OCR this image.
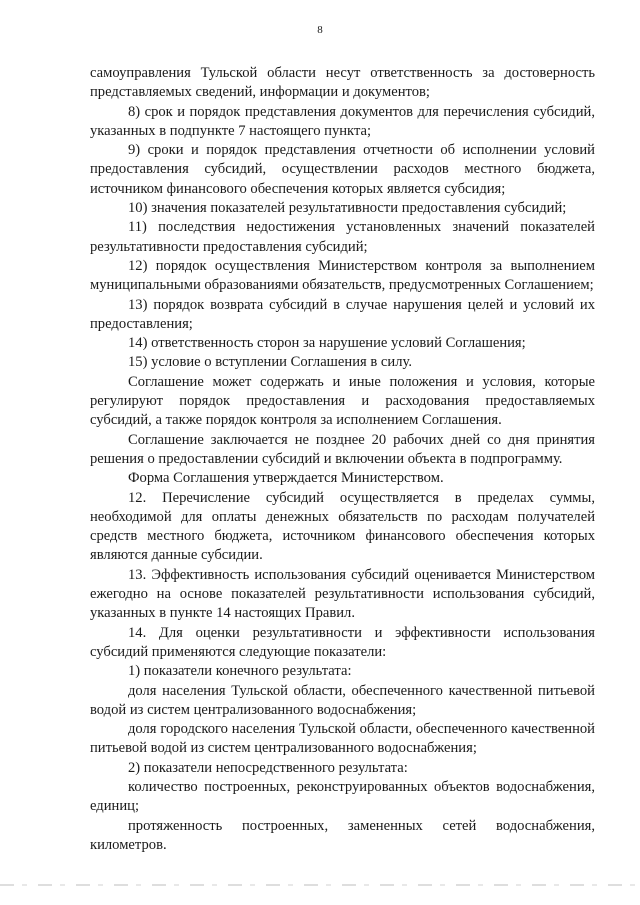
8

самоуправления Тульской области несут ответственность за достоверность представляемых сведений, информации и документов;

8) срок и порядок представления документов для перечисления субсидий, указанных в подпункте 7 настоящего пункта;

9) сроки и порядок представления отчетности об исполнении условий предоставления субсидий, осуществлении расходов местного бюджета, источником финансового обеспечения которых является субсидия;

10) значения показателей результативности предоставления субсидий;

11) последствия недостижения установленных значений показателей результативности предоставления субсидий;

12) порядок осуществления Министерством контроля за выполнением муниципальными образованиями обязательств, предусмотренных Соглашением;

13) порядок возврата субсидий в случае нарушения целей и условий их предоставления;

14) ответственность сторон за нарушение условий Соглашения;

15) условие о вступлении Соглашения в силу.

Соглашение может содержать и иные положения и условия, которые регулируют порядок предоставления и расходования предоставляемых субсидий, а также порядок контроля за исполнением Соглашения.

Соглашение заключается не позднее 20 рабочих дней со дня принятия решения о предоставлении субсидий и включении объекта в подпрограмму.

Форма Соглашения утверждается Министерством.

12. Перечисление субсидий осуществляется в пределах суммы, необходимой для оплаты денежных обязательств по расходам получателей средств местного бюджета, источником финансового обеспечения которых являются данные субсидии.

13. Эффективность использования субсидий оценивается Министерством ежегодно на основе показателей результативности использования субсидий, указанных в пункте 14 настоящих Правил.

14. Для оценки результативности и эффективности использования субсидий применяются следующие показатели:

1) показатели конечного результата:

доля населения Тульской области, обеспеченного качественной питьевой водой из систем централизованного водоснабжения;

доля городского населения Тульской области, обеспеченного качественной питьевой водой из систем централизованного водоснабжения;

2) показатели непосредственного результата:

количество построенных, реконструированных объектов водоснабжения, единиц;

протяженность построенных, замененных сетей водоснабжения, километров.
